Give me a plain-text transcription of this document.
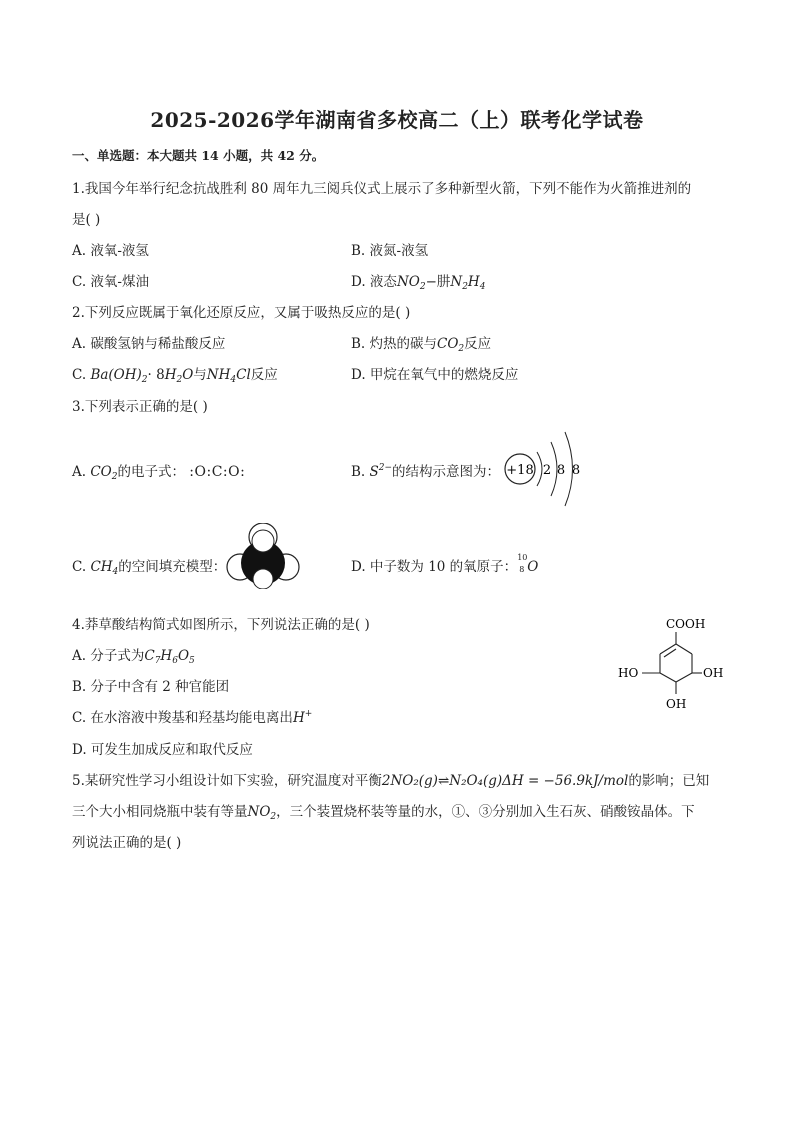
2025-2026学年湖南省多校高二（上）联考化学试卷
一、单选题：本大题共 14 小题，共 42 分。
1.我国今年举行纪念抗战胜利 80 周年九三阅兵仪式上展示了多种新型火箭，下列不能作为火箭推进剂的
是( )
A. 液氧-液氢	B. 液氮-液氢
C. 液氧-煤油	D. 液态$NO_2-$肼$N_2H_4$
2.下列反应既属于氧化还原反应，又属于吸热反应的是( )
A. 碳酸氢钠与稀盐酸反应	B. 灼热的碳与$CO_2$反应
C. $Ba(OH)_2\cdot 8H_2O$与$NH_4Cl$反应	D. 甲烷在氧气中的燃烧反应
3.下列表示正确的是( )
A. $CO_2$的电子式： :O:C:O:	B. $S^{2-}$的结构示意图为： +18 2 8 8
C. $CH_4$的空间填充模型：	D. 中子数为 10 的氧原子：
10
8 O
4.莽草酸结构简式如图所示，下列说法正确的是( )
A. 分子式为$C_7H_6O_5$
B. 分子中含有 2 种官能团
C. 在水溶液中羧基和羟基均能电离出H+
D. 可发生加成反应和取代反应
COOH
HO	OH
OH
5.某研究性学习小组设计如下实验，研究温度对平衡2NO₂(g)⇌N₂O₄(g)ΔH = −56.9kJ/mol的影响；已知
三个大小相同烧瓶中装有等量$NO_2$，三个装置烧杯装等量的水，①、③分别加入生石灰、硝酸铵晶体。下
列说法正确的是( )
